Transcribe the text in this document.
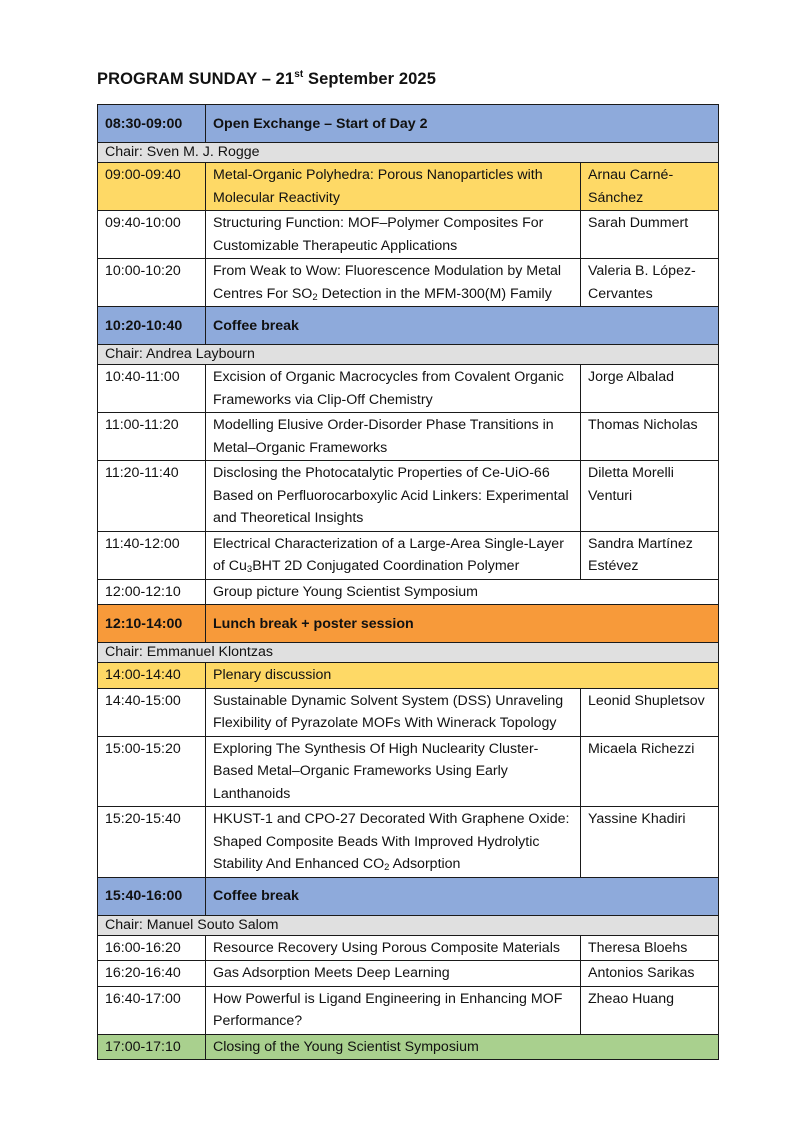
PROGRAM SUNDAY – 21st September 2025
08:30-09:00	Open Exchange – Start of Day 2	
Chair: Sven M. J. Rogge		
09:00-09:40	Metal-Organic Polyhedra: Porous Nanoparticles with Molecular Reactivity	Arnau Carné-Sánchez
09:40-10:00	Structuring Function: MOF–Polymer Composites For Customizable Therapeutic Applications	Sarah Dummert
10:00-10:20	From Weak to Wow: Fluorescence Modulation by Metal Centres For $SO_2$ Detection in the MFM-300(M) Family	Valeria B. López-Cervantes
10:20-10:40	Coffee break	
Chair: Andrea Laybourn		
10:40-11:00	Excision of Organic Macrocycles from Covalent Organic Frameworks via Clip-Off Chemistry	Jorge Albalad
11:00-11:20	Modelling Elusive Order-Disorder Phase Transitions in Metal–Organic Frameworks	Thomas Nicholas
11:20-11:40	Disclosing the Photocatalytic Properties of Ce-UiO-66 Based on Perfluorocarboxylic Acid Linkers: Experimental and Theoretical Insights	Diletta Morelli Venturi
11:40-12:00	Electrical Characterization of a Large-Area Single-Layer of $Cu_3BHT$ 2D Conjugated Coordination Polymer	Sandra Martínez Estévez
12:00-12:10	Group picture Young Scientist Symposium	
12:10-14:00	Lunch break + poster session	
Chair: Emmanuel Klontzas		
14:00-14:40	Plenary discussion	
14:40-15:00	Sustainable Dynamic Solvent System (DSS) Unraveling Flexibility of Pyrazolate MOFs With Winerack Topology	Leonid Shupletsov
15:00-15:20	Exploring The Synthesis Of High Nuclearity Cluster-Based Metal–Organic Frameworks Using Early Lanthanoids	Micaela Richezzi
15:20-15:40	HKUST-1 and CPO-27 Decorated With Graphene Oxide: Shaped Composite Beads With Improved Hydrolytic Stability And Enhanced $CO_2$ Adsorption	Yassine Khadiri
15:40-16:00	Coffee break	
Chair: Manuel Souto Salom		
16:00-16:20	Resource Recovery Using Porous Composite Materials	Theresa Bloehs
16:20-16:40	Gas Adsorption Meets Deep Learning	Antonios Sarikas
16:40-17:00	How Powerful is Ligand Engineering in Enhancing MOF Performance?	Zheao Huang
17:00-17:10	Closing of the Young Scientist Symposium	
